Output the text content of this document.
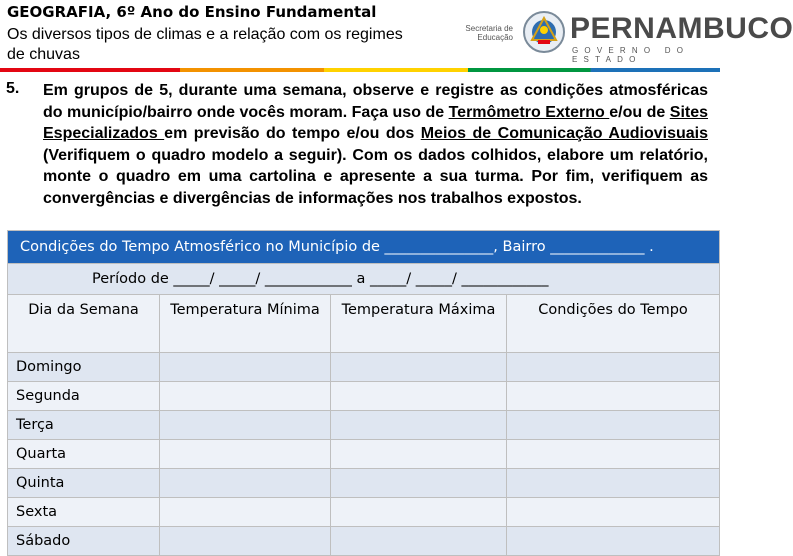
GEOGRAFIA, 6º Ano do Ensino Fundamental
Os diversos tipos de climas e a relação com os regimes de chuvas
Secretaria de
Educação PERNAMBUCO
GOVERNO DO ESTADO
5. Em grupos de 5, durante uma semana, observe e registre as condições atmosféricas do município/bairro onde vocês moram. Faça uso de Termômetro Externo e/ou de Sites Especializados em previsão do tempo e/ou dos Meios de Comunicação Audiovisuais (Verifiquem o quadro modelo a seguir). Com os dados colhidos, elabore um relatório, monte o quadro em uma cartolina e apresente a sua turma. Por fim, verifiquem as convergências e divergências de informações nos trabalhos expostos.
Condições do Tempo Atmosférico no Município de _______________, Bairro _____________ .			
Período de _____/ _____/ ____________ a _____/ _____/ ____________			
Dia da Semana	Temperatura Mínima	Temperatura Máxima	Condições do Tempo
Domingo			
Segunda			
Terça			
Quarta			
Quinta			
Sexta			
Sábado			
